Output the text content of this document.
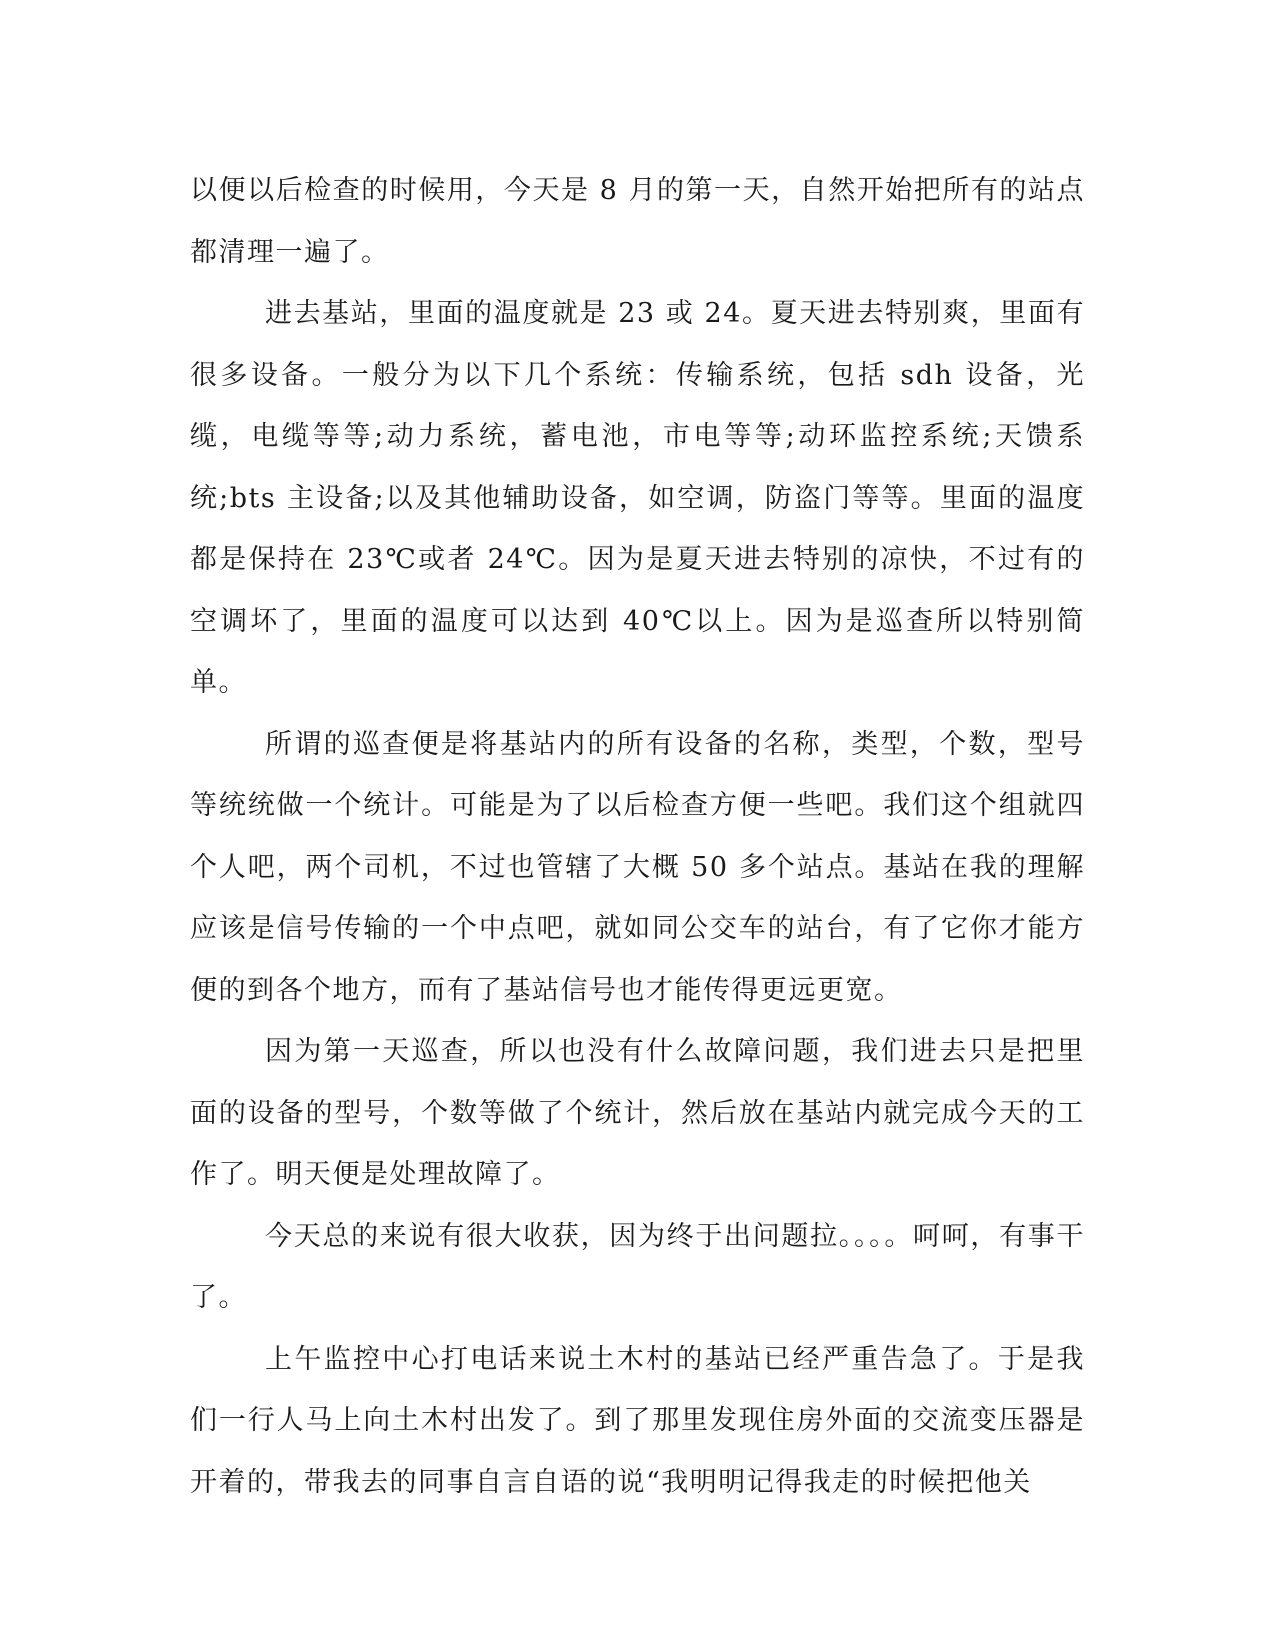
以便以后检查的时候用，今天是 8 月的第一天，自然开始把所有的站点都清理一遍了。

进去基站，里面的温度就是 23 或 24。夏天进去特别爽，里面有很多设备。一般分为以下几个系统：传输系统，包括 sdh 设备，光缆，电缆等等;动力系统，蓄电池，市电等等;动环监控系统;天馈系统;bts 主设备;以及其他辅助设备，如空调，防盗门等等。里面的温度都是保持在 23℃或者 24℃。因为是夏天进去特别的凉快，不过有的空调坏了，里面的温度可以达到 40℃以上。因为是巡查所以特别简单。

所谓的巡查便是将基站内的所有设备的名称，类型，个数，型号等统统做一个统计。可能是为了以后检查方便一些吧。我们这个组就四个人吧，两个司机，不过也管辖了大概 50 多个站点。基站在我的理解应该是信号传输的一个中点吧，就如同公交车的站台，有了它你才能方便的到各个地方，而有了基站信号也才能传得更远更宽。

因为第一天巡查，所以也没有什么故障问题，我们进去只是把里面的设备的型号，个数等做了个统计，然后放在基站内就完成今天的工作了。明天便是处理故障了。

今天总的来说有很大收获，因为终于出问题拉。。。。呵呵，有事干了。

上午监控中心打电话来说土木村的基站已经严重告急了。于是我们一行人马上向土木村出发了。到了那里发现住房外面的交流变压器是开着的，带我去的同事自言自语的说“我明明记得我走的时候把他关
